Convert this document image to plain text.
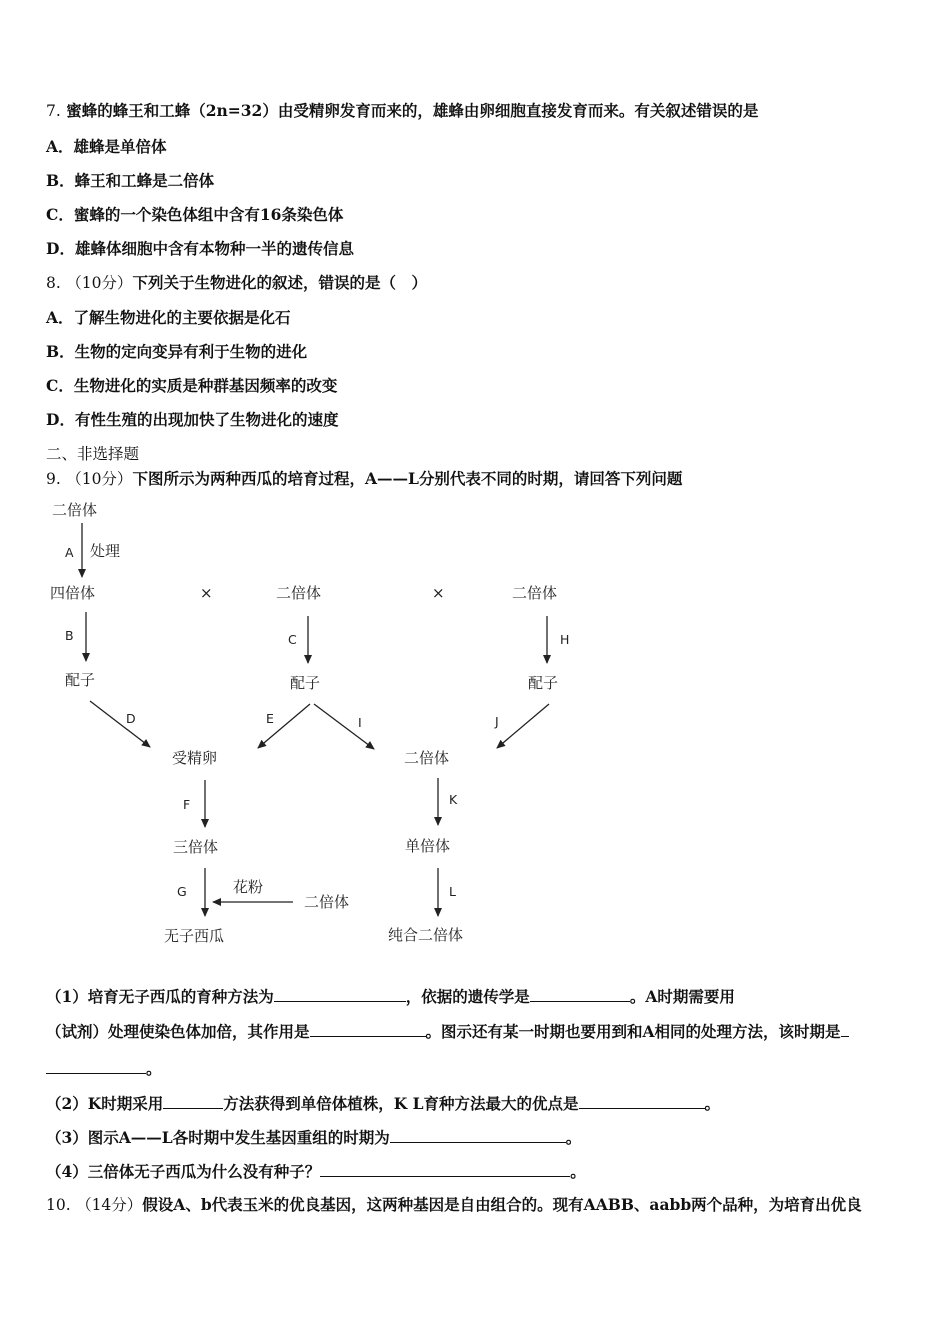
7. 蜜蜂的蜂王和工蜂（2n=32）由受精卵发育而来的，雄蜂由卵细胞直接发育而来。有关叙述错误的是
A．雄蜂是单倍体
B．蜂王和工蜂是二倍体
C．蜜蜂的一个染色体组中含有16条染色体
D．雄蜂体细胞中含有本物种一半的遗传信息
8. （10分）下列关于生物进化的叙述，错误的是（　）
A．了解生物进化的主要依据是化石
B．生物的定向变异有利于生物的进化
C．生物进化的实质是种群基因频率的改变
D．有性生殖的出现加快了生物进化的速度
二、非选择题
9. （10分）下图所示为两种西瓜的培育过程，A——L分别代表不同的时期，请回答下列问题
二倍体
处理
四倍体	×	二倍体	×	二倍体
配子	配子	配子
受精卵	二倍体
三倍体	单倍体
花粉
二倍体
无子西瓜	纯合二倍体
A
B	C
D	E
F
G
H
I	J
K
L
（1）培育无子西瓜的育种方法为	，依据的遗传学是	。A时期需要用
（试剂）处理使染色体加倍，其作用是	。图示还有某一时期也要用到和A相同的处理方法，该时期是
。
（2）K时期采用	方法获得到单倍体植株，K L育种方法最大的优点是	。
（3）图示A——L各时期中发生基因重组的时期为	。
（4）三倍体无子西瓜为什么没有种子？	。
10. （14分）假设A、b代表玉米的优良基因，这两种基因是自由组合的。现有AABB、aabb两个品种，为培育出优良
